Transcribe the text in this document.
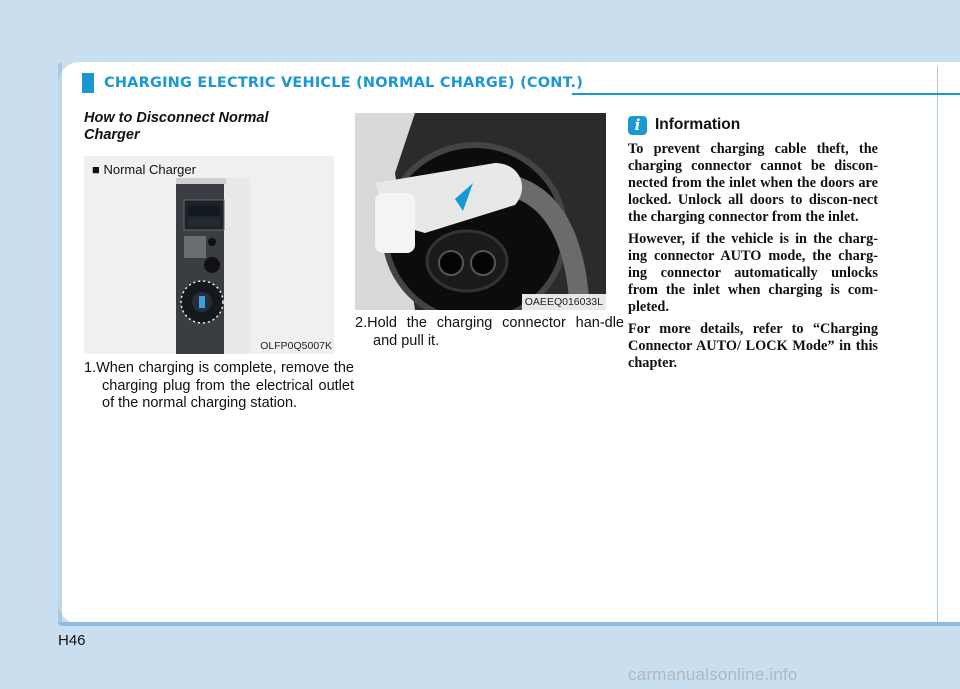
CHARGING ELECTRIC VEHICLE (NORMAL CHARGE) (CONT.)

How to Disconnect Normal Charger

■ Normal Charger
OLFP0Q5007K

1.When charging is complete, remove the charging plug from the electrical outlet of the normal charging station.

OAEEQ016033L

2.Hold the charging connector han-dle and pull it.

i Information

To prevent charging cable theft, the charging connector cannot be discon-nected from the inlet when the doors are locked. Unlock all doors to discon-nect the charging connector from the inlet.

However, if the vehicle is in the charg-ing connector AUTO mode, the charg-ing connector automatically unlocks from the inlet when charging is com-pleted.

For more details, refer to “Charging Connector AUTO/ LOCK Mode” in this chapter.

H46
carmanualsonline.info
